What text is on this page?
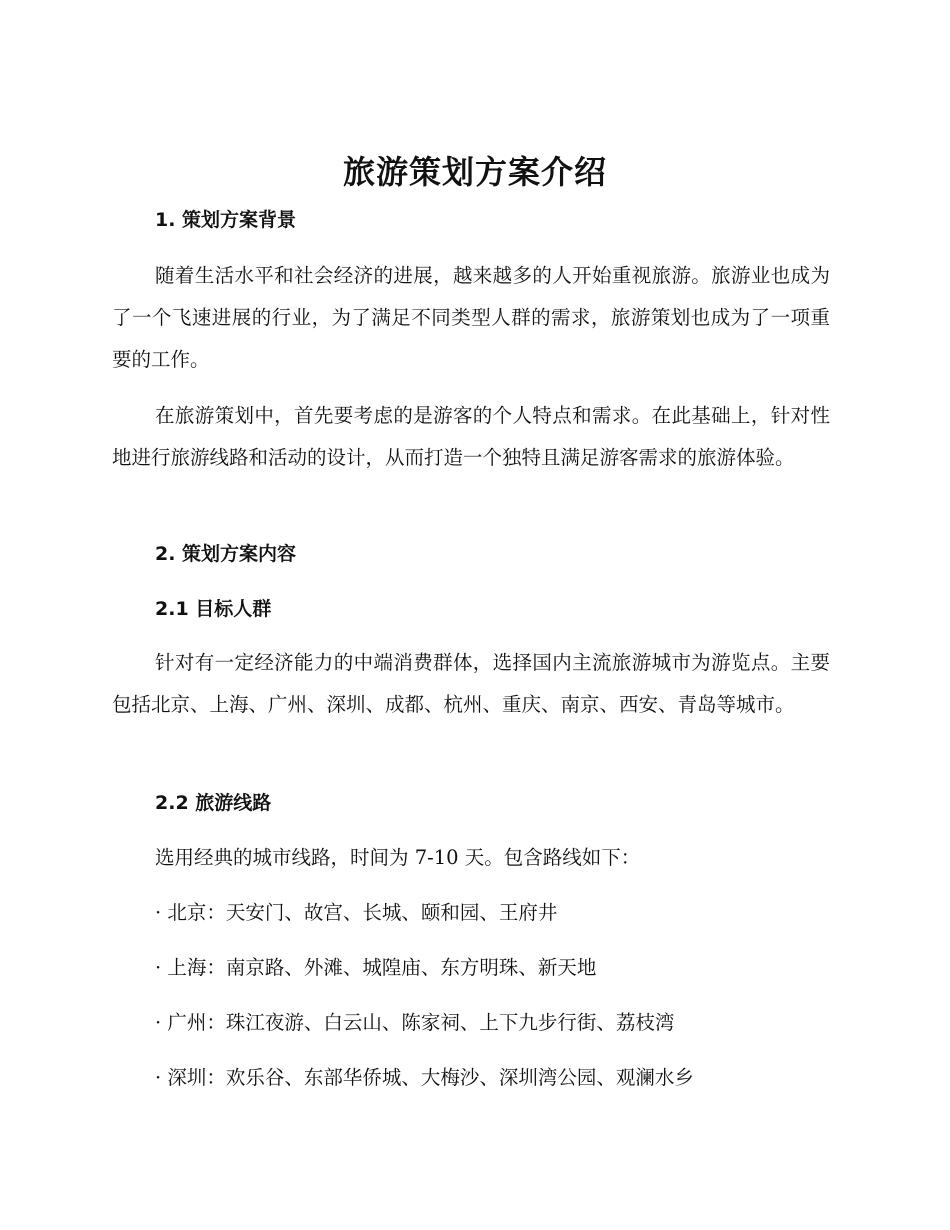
旅游策划方案介绍
1. 策划方案背景

随着生活水平和社会经济的进展，越来越多的人开始重视旅游。旅游业也成为了一个飞速进展的行业，为了满足不同类型人群的需求，旅游策划也成为了一项重要的工作。

在旅游策划中，首先要考虑的是游客的个人特点和需求。在此基础上，针对性地进行旅游线路和活动的设计，从而打造一个独特且满足游客需求的旅游体验。

2. 策划方案内容
2.1 目标人群

针对有一定经济能力的中端消费群体，选择国内主流旅游城市为游览点。主要包括北京、上海、广州、深圳、成都、杭州、重庆、南京、西安、青岛等城市。

2.2 旅游线路
选用经典的城市线路，时间为 7-10 天。包含路线如下：
· 北京：天安门、故宫、长城、颐和园、王府井
· 上海：南京路、外滩、城隍庙、东方明珠、新天地
· 广州：珠江夜游、白云山、陈家祠、上下九步行街、荔枝湾
· 深圳：欢乐谷、东部华侨城、大梅沙、深圳湾公园、观澜水乡
